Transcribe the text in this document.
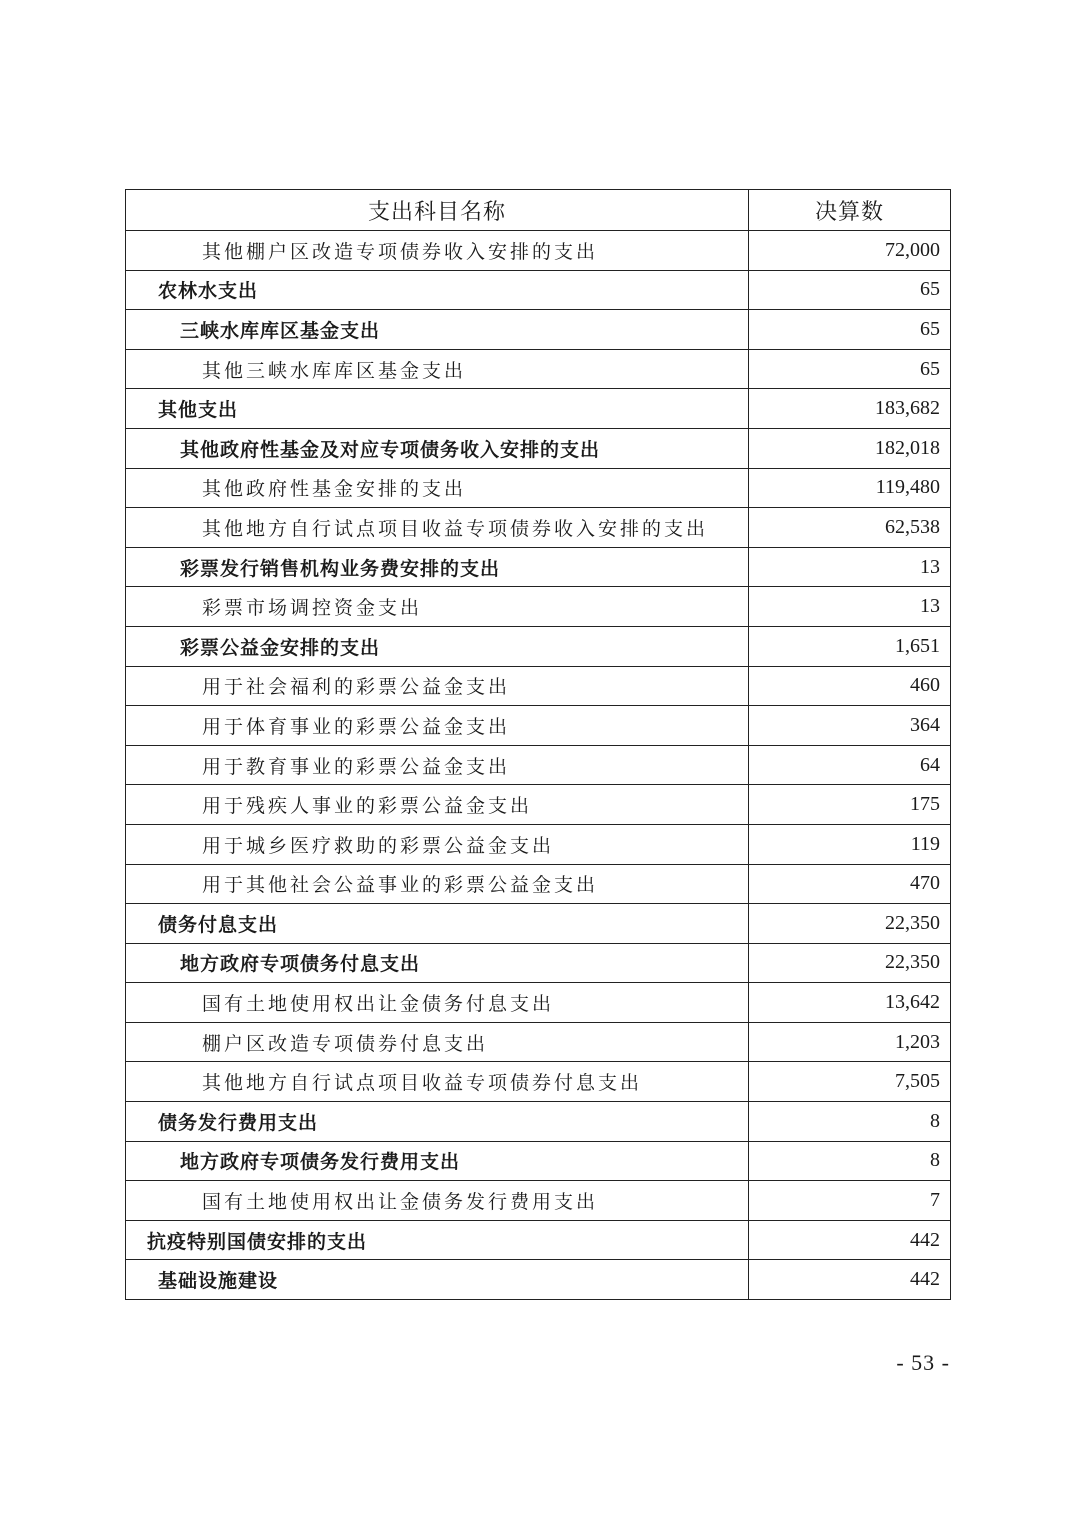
支出科目名称	决算数
其他棚户区改造专项债券收入安排的支出	72,000
农林水支出	65
三峡水库库区基金支出	65
其他三峡水库库区基金支出	65
其他支出	183,682
其他政府性基金及对应专项债务收入安排的支出	182,018
其他政府性基金安排的支出	119,480
其他地方自行试点项目收益专项债券收入安排的支出	62,538
彩票发行销售机构业务费安排的支出	13
彩票市场调控资金支出	13
彩票公益金安排的支出	1,651
用于社会福利的彩票公益金支出	460
用于体育事业的彩票公益金支出	364
用于教育事业的彩票公益金支出	64
用于残疾人事业的彩票公益金支出	175
用于城乡医疗救助的彩票公益金支出	119
用于其他社会公益事业的彩票公益金支出	470
债务付息支出	22,350
地方政府专项债务付息支出	22,350
国有土地使用权出让金债务付息支出	13,642
棚户区改造专项债券付息支出	1,203
其他地方自行试点项目收益专项债券付息支出	7,505
债务发行费用支出	8
地方政府专项债务发行费用支出	8
国有土地使用权出让金债务发行费用支出	7
抗疫特别国债安排的支出	442
基础设施建设	442
- 53 -
